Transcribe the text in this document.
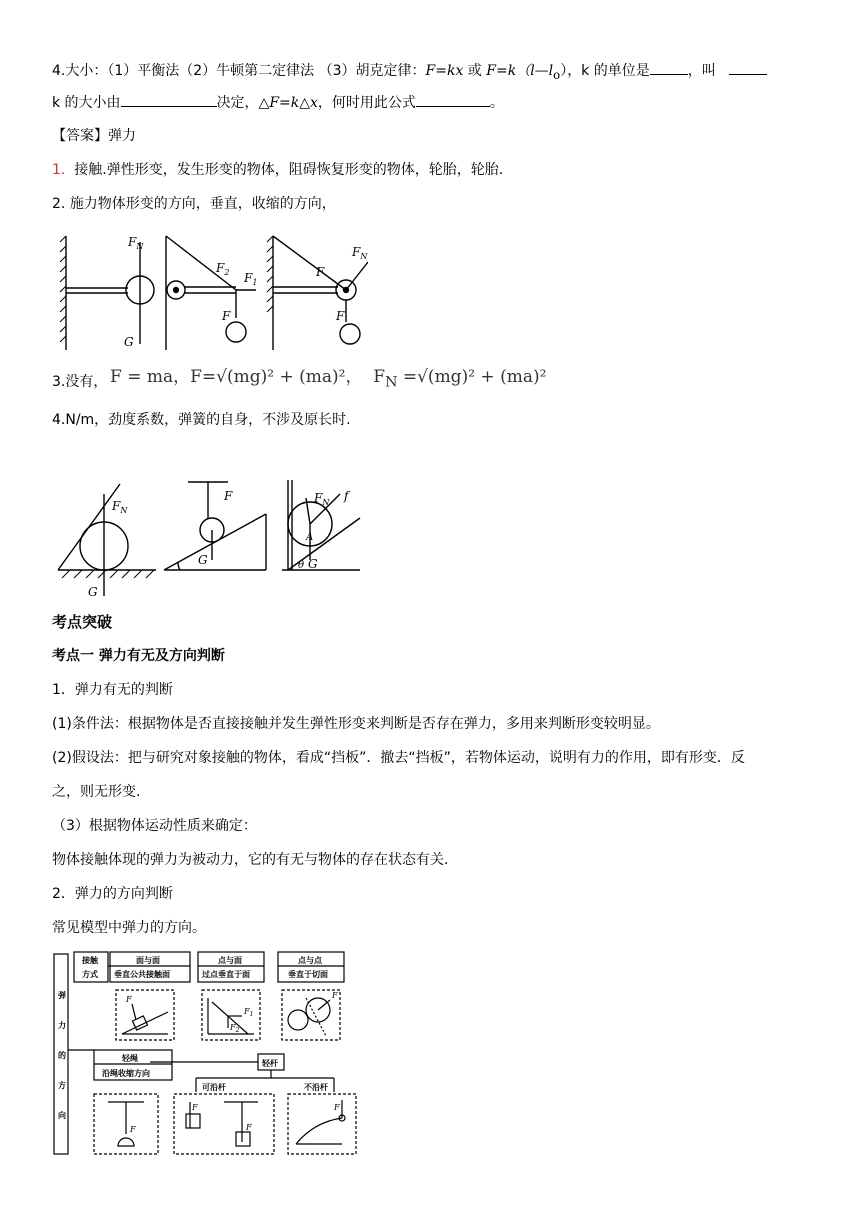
4.大小：（1）平衡法（2）牛顿第二定律法 （3）胡克定律：F=kx 或 $F=k(l—l_o)$，k 的单位是	，叫
k 的大小由	决定，△F=k△x，何时用此公式	。
【答案】弹力
1. 接触.弹性形变，发生形变的物体，阻碍恢复形变的物体，轮胎，轮胎.
2. 施力物体形变的方向，垂直，收缩的方向，
$F_N$
G
$F_2$ $F_1$
F
F
$F_N$
F
3.没有， F = ma，F=√(mg)² + (ma)²， $F_N =√(mg)^2 + (ma)^2$
4.N/m，劲度系数，弹簧的自身，不涉及原长时.
$F_N$
G
F
G
$F_N$ f
A
θ G
考点突破
考点一 弹力有无及方向判断
1．弹力有无的判断
(1)条件法：根据物体是否直接接触并发生弹性形变来判断是否存在弹力，多用来判断形变较明显。
(2)假设法：把与研究对象接触的物体，看成“挡板”．撤去“挡板”，若物体运动，说明有力的作用，即有形变．反
之，则无形变.
（3）根据物体运动性质来确定：
物体接触体现的弹力为被动力，它的有无与物体的存在状态有关.
2．弹力的方向判断
常见模型中弹力的方向。
弹
力
的
方
向
接触
方式
面与面
垂直公共接触面
点与面
过点垂直于面
点与点
垂直于切面
轻绳
沿绳收缩方向
轻杆
可沿杆	不沿杆
F
$F_1$
$F_2$
F
F
F
F
F
